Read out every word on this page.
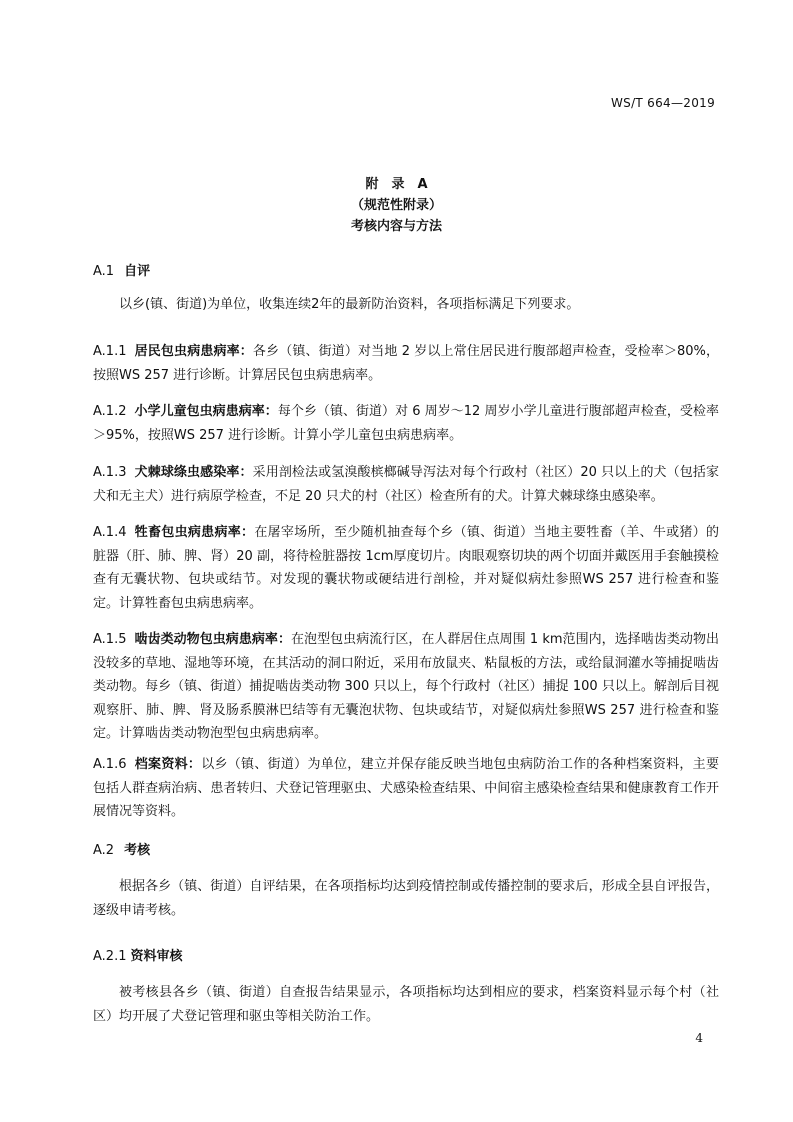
WS/T 664—2019
附　录　A
（规范性附录）
考核内容与方法
A.1 自评
以乡(镇、街道)为单位，收集连续2年的最新防治资料，各项指标满足下列要求。
A.1.1 居民包虫病患病率：各乡（镇、街道）对当地 2 岁以上常住居民进行腹部超声检查，受检率＞80%，按照WS 257 进行诊断。计算居民包虫病患病率。
A.1.2 小学儿童包虫病患病率：每个乡（镇、街道）对 6 周岁～12 周岁小学儿童进行腹部超声检查，受检率＞95%，按照WS 257 进行诊断。计算小学儿童包虫病患病率。
A.1.3 犬棘球绦虫感染率：采用剖检法或氢溴酸槟榔碱导泻法对每个行政村（社区）20 只以上的犬（包括家犬和无主犬）进行病原学检查，不足 20 只犬的村（社区）检查所有的犬。计算犬棘球绦虫感染率。
A.1.4 牲畜包虫病患病率：在屠宰场所，至少随机抽查每个乡（镇、街道）当地主要牲畜（羊、牛或猪）的脏器（肝、肺、脾、肾）20 副，将待检脏器按 1cm厚度切片。肉眼观察切块的两个切面并戴医用手套触摸检查有无囊状物、包块或结节。对发现的囊状物或硬结进行剖检，并对疑似病灶参照WS 257 进行检查和鉴定。计算牲畜包虫病患病率。
A.1.5 啮齿类动物包虫病患病率：在泡型包虫病流行区，在人群居住点周围 1 km范围内，选择啮齿类动物出没较多的草地、湿地等环境，在其活动的洞口附近，采用布放鼠夹、粘鼠板的方法，或给鼠洞灌水等捕捉啮齿类动物。每乡（镇、街道）捕捉啮齿类动物 300 只以上，每个行政村（社区）捕捉 100 只以上。解剖后目视观察肝、肺、脾、肾及肠系膜淋巴结等有无囊泡状物、包块或结节，对疑似病灶参照WS 257 进行检查和鉴定。计算啮齿类动物泡型包虫病患病率。
A.1.6 档案资料：以乡（镇、街道）为单位，建立并保存能反映当地包虫病防治工作的各种档案资料，主要包括人群查病治病、患者转归、犬登记管理驱虫、犬感染检查结果、中间宿主感染检查结果和健康教育工作开展情况等资料。
A.2 考核
根据各乡（镇、街道）自评结果，在各项指标均达到疫情控制或传播控制的要求后，形成全县自评报告，逐级申请考核。
A.2.1 资料审核
被考核县各乡（镇、街道）自查报告结果显示，各项指标均达到相应的要求，档案资料显示每个村（社区）均开展了犬登记管理和驱虫等相关防治工作。
4
